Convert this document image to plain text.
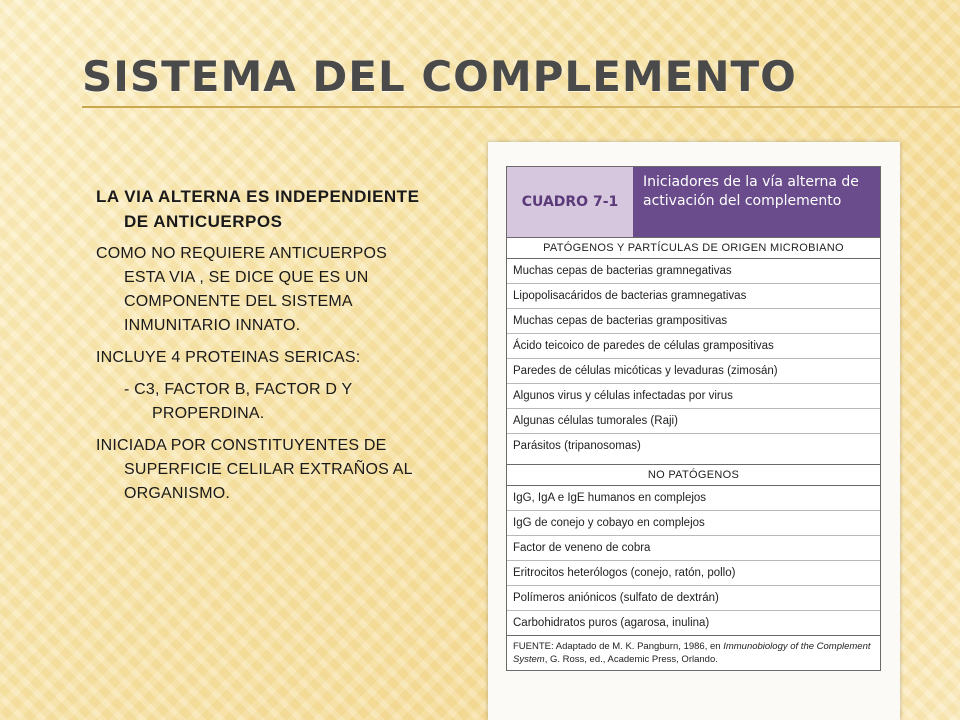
SISTEMA DEL COMPLEMENTO

LA VIA ALTERNA ES INDEPENDIENTE DE ANTICUERPOS

COMO NO REQUIERE ANTICUERPOS ESTA VIA , SE DICE QUE ES UN COMPONENTE DEL SISTEMA INMUNITARIO INNATO.

INCLUYE 4 PROTEINAS SERICAS:

- C3, FACTOR B, FACTOR D Y PROPERDINA.

INICIADA POR CONSTITUYENTES DE SUPERFICIE CELILAR EXTRAÑOS AL ORGANISMO.

CUADRO 7-1
Iniciadores de la vía alterna de activación del complemento
PATÓGENOS Y PARTÍCULAS DE ORIGEN MICROBIANO
Muchas cepas de bacterias gramnegativas
Lipopolisacáridos de bacterias gramnegativas
Muchas cepas de bacterias grampositivas
Ácido teicoico de paredes de células grampositivas
Paredes de células micóticas y levaduras (zimosán)
Algunos virus y células infectadas por virus
Algunas células tumorales (Raji)
Parásitos (tripanosomas)
NO PATÓGENOS
IgG, IgA e IgE humanos en complejos
IgG de conejo y cobayo en complejos
Factor de veneno de cobra
Eritrocitos heterólogos (conejo, ratón, pollo)
Polímeros aniónicos (sulfato de dextrán)
Carbohidratos puros (agarosa, inulina)
FUENTE: Adaptado de M. K. Pangburn, 1986, en Immunobiology of the Complement System, G. Ross, ed., Academic Press, Orlando.
